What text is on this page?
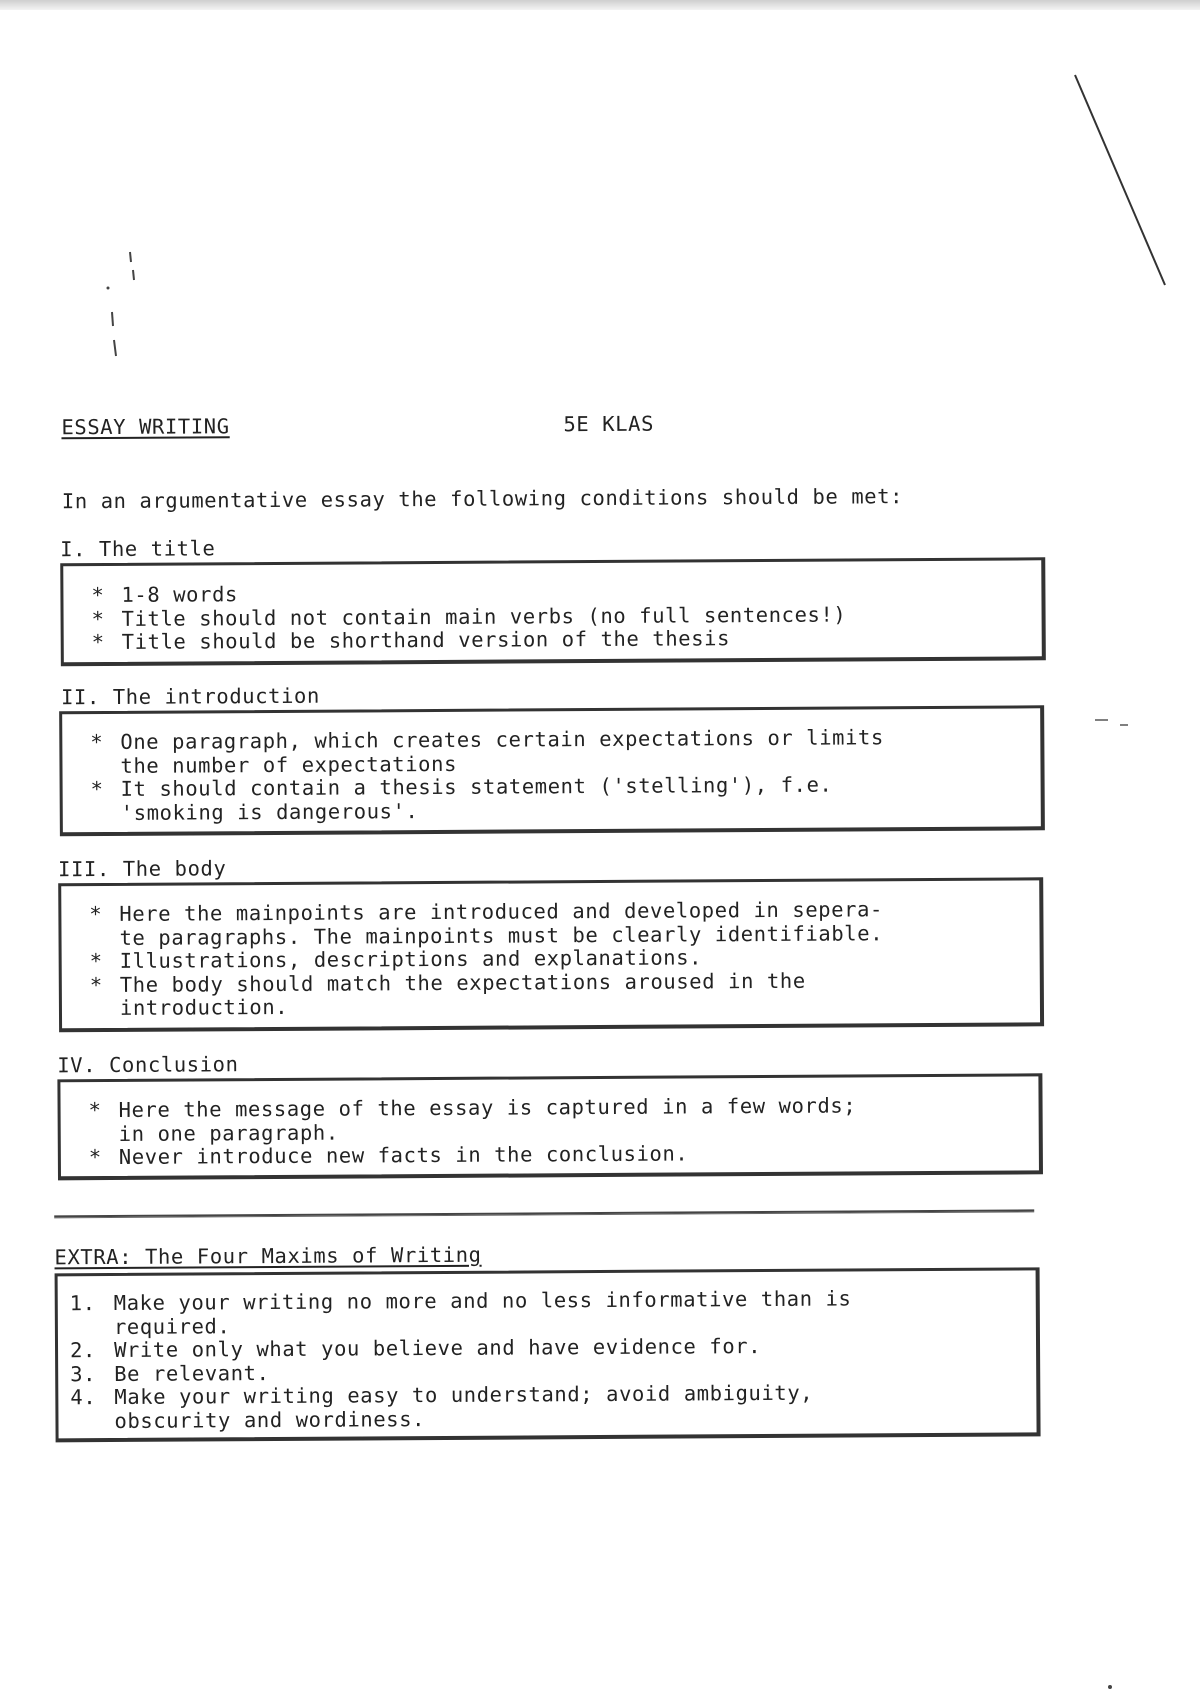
ESSAY WRITING	5E KLAS
In an argumentative essay the following conditions should be met:
I. The title
* 1-8 words
* Title should not contain main verbs (no full sentences!)
* Title should be shorthand version of the thesis
II. The introduction
* One paragraph, which creates certain expectations or limits
the number of expectations
* It should contain a thesis statement ('stelling'), f.e.
'smoking is dangerous'.
III. The body
* Here the mainpoints are introduced and developed in sepera-
te paragraphs. The mainpoints must be clearly identifiable.
* Illustrations, descriptions and explanations.
* The body should match the expectations aroused in the
introduction.
IV. Conclusion
* Here the message of the essay is captured in a few words;
in one paragraph.
* Never introduce new facts in the conclusion.
EXTRA: The Four Maxims of Writing
1. Make your writing no more and no less informative than is
required.
2. Write only what you believe and have evidence for.
3. Be relevant.
4. Make your writing easy to understand; avoid ambiguity,
obscurity and wordiness.
